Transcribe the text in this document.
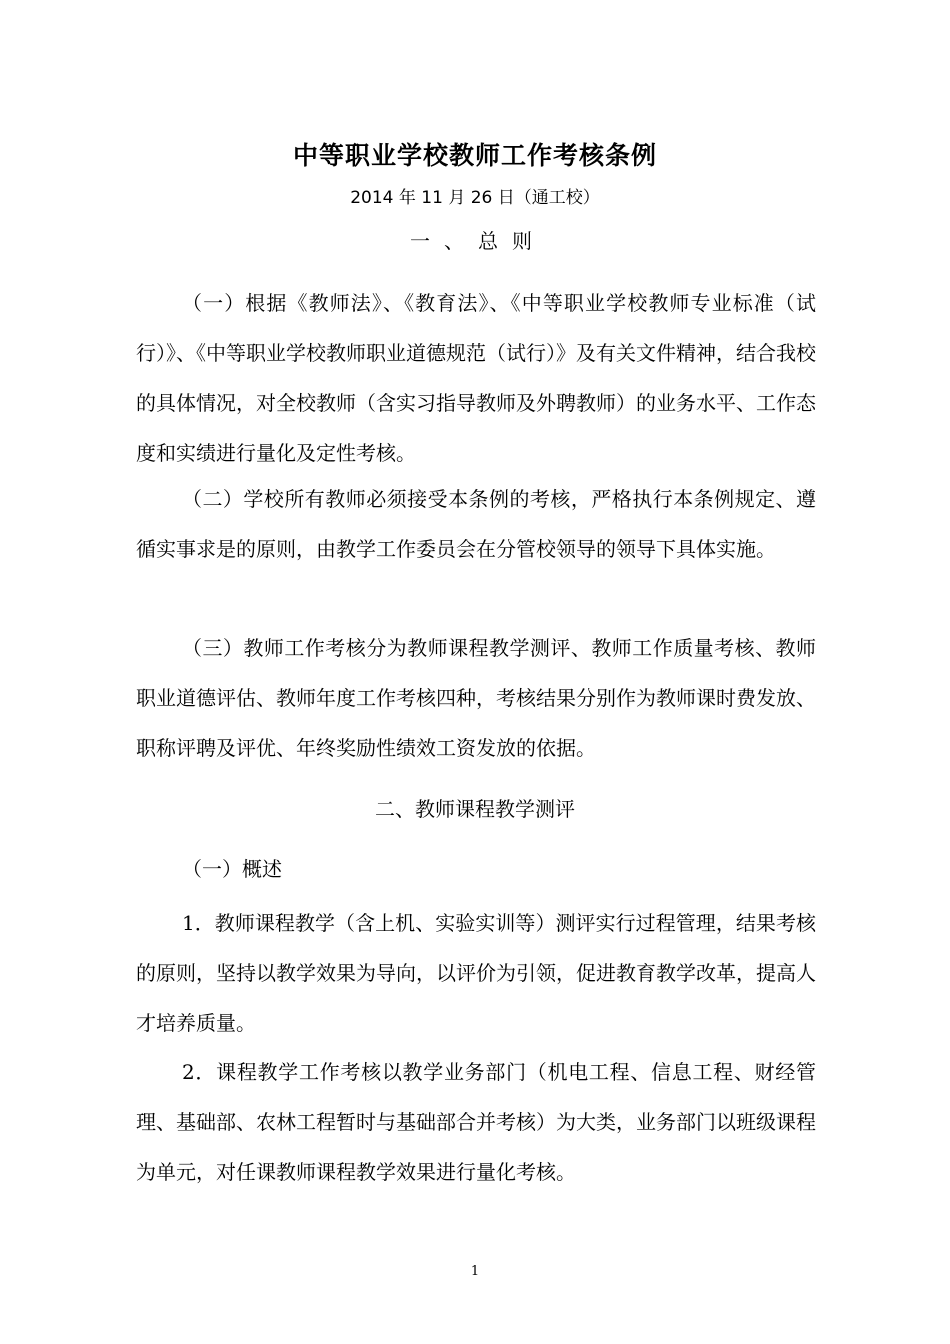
中等职业学校教师工作考核条例
2014 年 11 月 26 日（通工校）
一、总则

（一）根据《教师法》、《教育法》、《中等职业学校教师专业标准（试行）》、《中等职业学校教师职业道德规范（试行）》及有关文件精神，结合我校的具体情况，对全校教师（含实习指导教师及外聘教师）的业务水平、工作态度和实绩进行量化及定性考核。

（二）学校所有教师必须接受本条例的考核，严格执行本条例规定、遵循实事求是的原则，由教学工作委员会在分管校领导的领导下具体实施。

（三）教师工作考核分为教师课程教学测评、教师工作质量考核、教师职业道德评估、教师年度工作考核四种，考核结果分别作为教师课时费发放、职称评聘及评优、年终奖励性绩效工资发放的依据。

二、教师课程教学测评

（一）概述

1．教师课程教学（含上机、实验实训等）测评实行过程管理，结果考核的原则，坚持以教学效果为导向，以评价为引领，促进教育教学改革，提高人才培养质量。

2．课程教学工作考核以教学业务部门（机电工程、信息工程、财经管理、基础部、农林工程暂时与基础部合并考核）为大类，业务部门以班级课程为单元，对任课教师课程教学效果进行量化考核。

1
